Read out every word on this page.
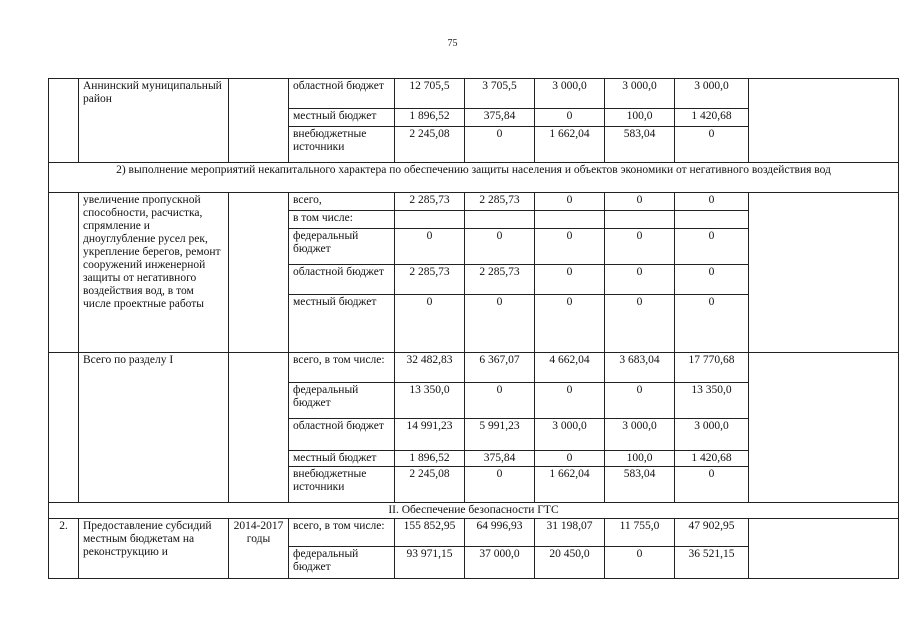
75
	Аннинский муниципальный район		областной бюджет	12 705,5	3 705,5	3 000,0	3 000,0	3 000,0	
			местный бюджет	1 896,52	375,84	0	100,0	1 420,68	
			внебюджетные источники	2 245,08	0	1 662,04	583,04	0	
2) выполнение мероприятий некапитального характера по обеспечению защиты населения и объектов экономики от негативного воздействия вод									
	увеличение пропускной способности, расчистка, спрямление и дноуглубление русел рек, укрепление берегов, ремонт сооружений инженерной защиты от негативного воздействия вод, в том числе проектные работы		всего,	2 285,73	2 285,73	0	0	0	
			в том числе:						
			федеральный бюджет	0	0	0	0	0	
			областной бюджет	2 285,73	2 285,73	0	0	0	
			местный бюджет	0	0	0	0	0	
	Всего по разделу I		всего, в том числе:	32 482,83	6 367,07	4 662,04	3 683,04	17 770,68	
			федеральный бюджет	13 350,0	0	0	0	13 350,0	
			областной бюджет	14 991,23	5 991,23	3 000,0	3 000,0	3 000,0	
			местный бюджет	1 896,52	375,84	0	100,0	1 420,68	
			внебюджетные источники	2 245,08	0	1 662,04	583,04	0	
II. Обеспечение безопасности ГТС									
2.	Предоставление субсидий местным бюджетам на реконструкцию и	2014-2017 годы	всего, в том числе:	155 852,95	64 996,93	31 198,07	11 755,0	47 902,95	
			федеральный бюджет	93 971,15	37 000,0	20 450,0	0	36 521,15	
